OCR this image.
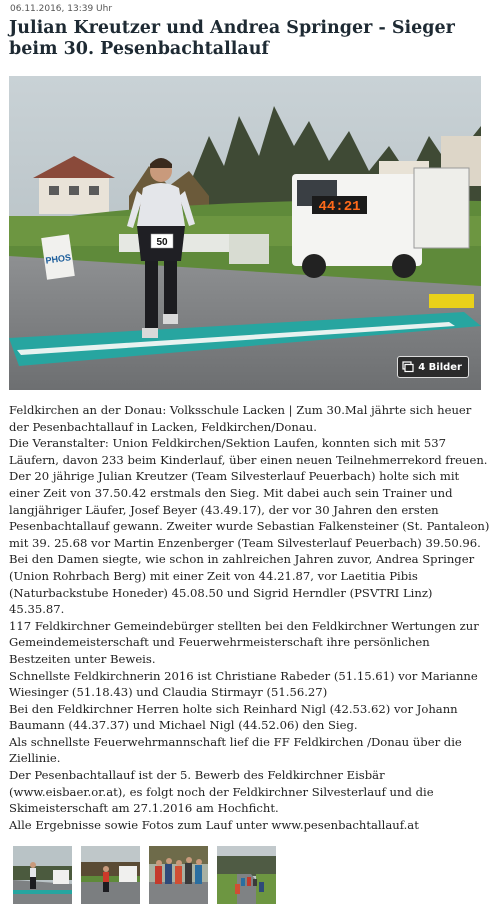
06.11.2016, 13:39 Uhr
Julian Kreutzer und Andrea Springer - Sieger beim 30. Pesenbachtallauf
50
44:21
PHOS
4 Bilder

Feldkirchen an der Donau: Volksschule Lacken | Zum 30.Mal jährte sich heuer der Pesenbachtallauf in Lacken, Feldkirchen/Donau.

Die Veranstalter: Union Feldkirchen/Sektion Laufen, konnten sich mit 537 Läufern, davon 233 beim Kinderlauf, über einen neuen Teilnehmerrekord freuen.

Der 20 jährige Julian Kreutzer (Team Silvesterlauf Peuerbach) holte sich mit einer Zeit von 37.50.42 erstmals den Sieg. Mit dabei auch sein Trainer und langjähriger Läufer, Josef Beyer (43.49.17), der vor 30 Jahren den ersten Pesenbachtallauf gewann. Zweiter wurde Sebastian Falkensteiner (St. Pantaleon) mit 39. 25.68 vor Martin Enzenberger (Team Silvesterlauf Peuerbach) 39.50.96.

Bei den Damen siegte, wie schon in zahlreichen Jahren zuvor, Andrea Springer (Union Rohrbach Berg) mit einer Zeit von 44.21.87, vor Laetitia Pibis (Naturbackstube Honeder) 45.08.50 und Sigrid Herndler (PSVTRI Linz) 45.35.87.

117 Feldkirchner Gemeindebürger stellten bei den Feldkirchner Wertungen zur Gemeindemeisterschaft und Feuerwehrmeisterschaft ihre persönlichen Bestzeiten unter Beweis.

Schnellste Feldkirchnerin 2016 ist Christiane Rabeder (51.15.61) vor Marianne Wiesinger (51.18.43) und Claudia Stirmayr (51.56.27)

Bei den Feldkirchner Herren holte sich Reinhard Nigl (42.53.62) vor Johann Baumann (44.37.37) und Michael Nigl (44.52.06) den Sieg.

Als schnellste Feuerwehrmannschaft lief die FF Feldkirchen /Donau über die Ziellinie.

Der Pesenbachtallauf ist der 5. Bewerb des Feldkirchner Eisbär (www.eisbaer.or.at), es folgt noch der Feldkirchner Silvesterlauf und die Skimeisterschaft am 27.1.2016 am Hochficht.

Alle Ergebnisse sowie Fotos zum Lauf unter www.pesenbachtallauf.at
